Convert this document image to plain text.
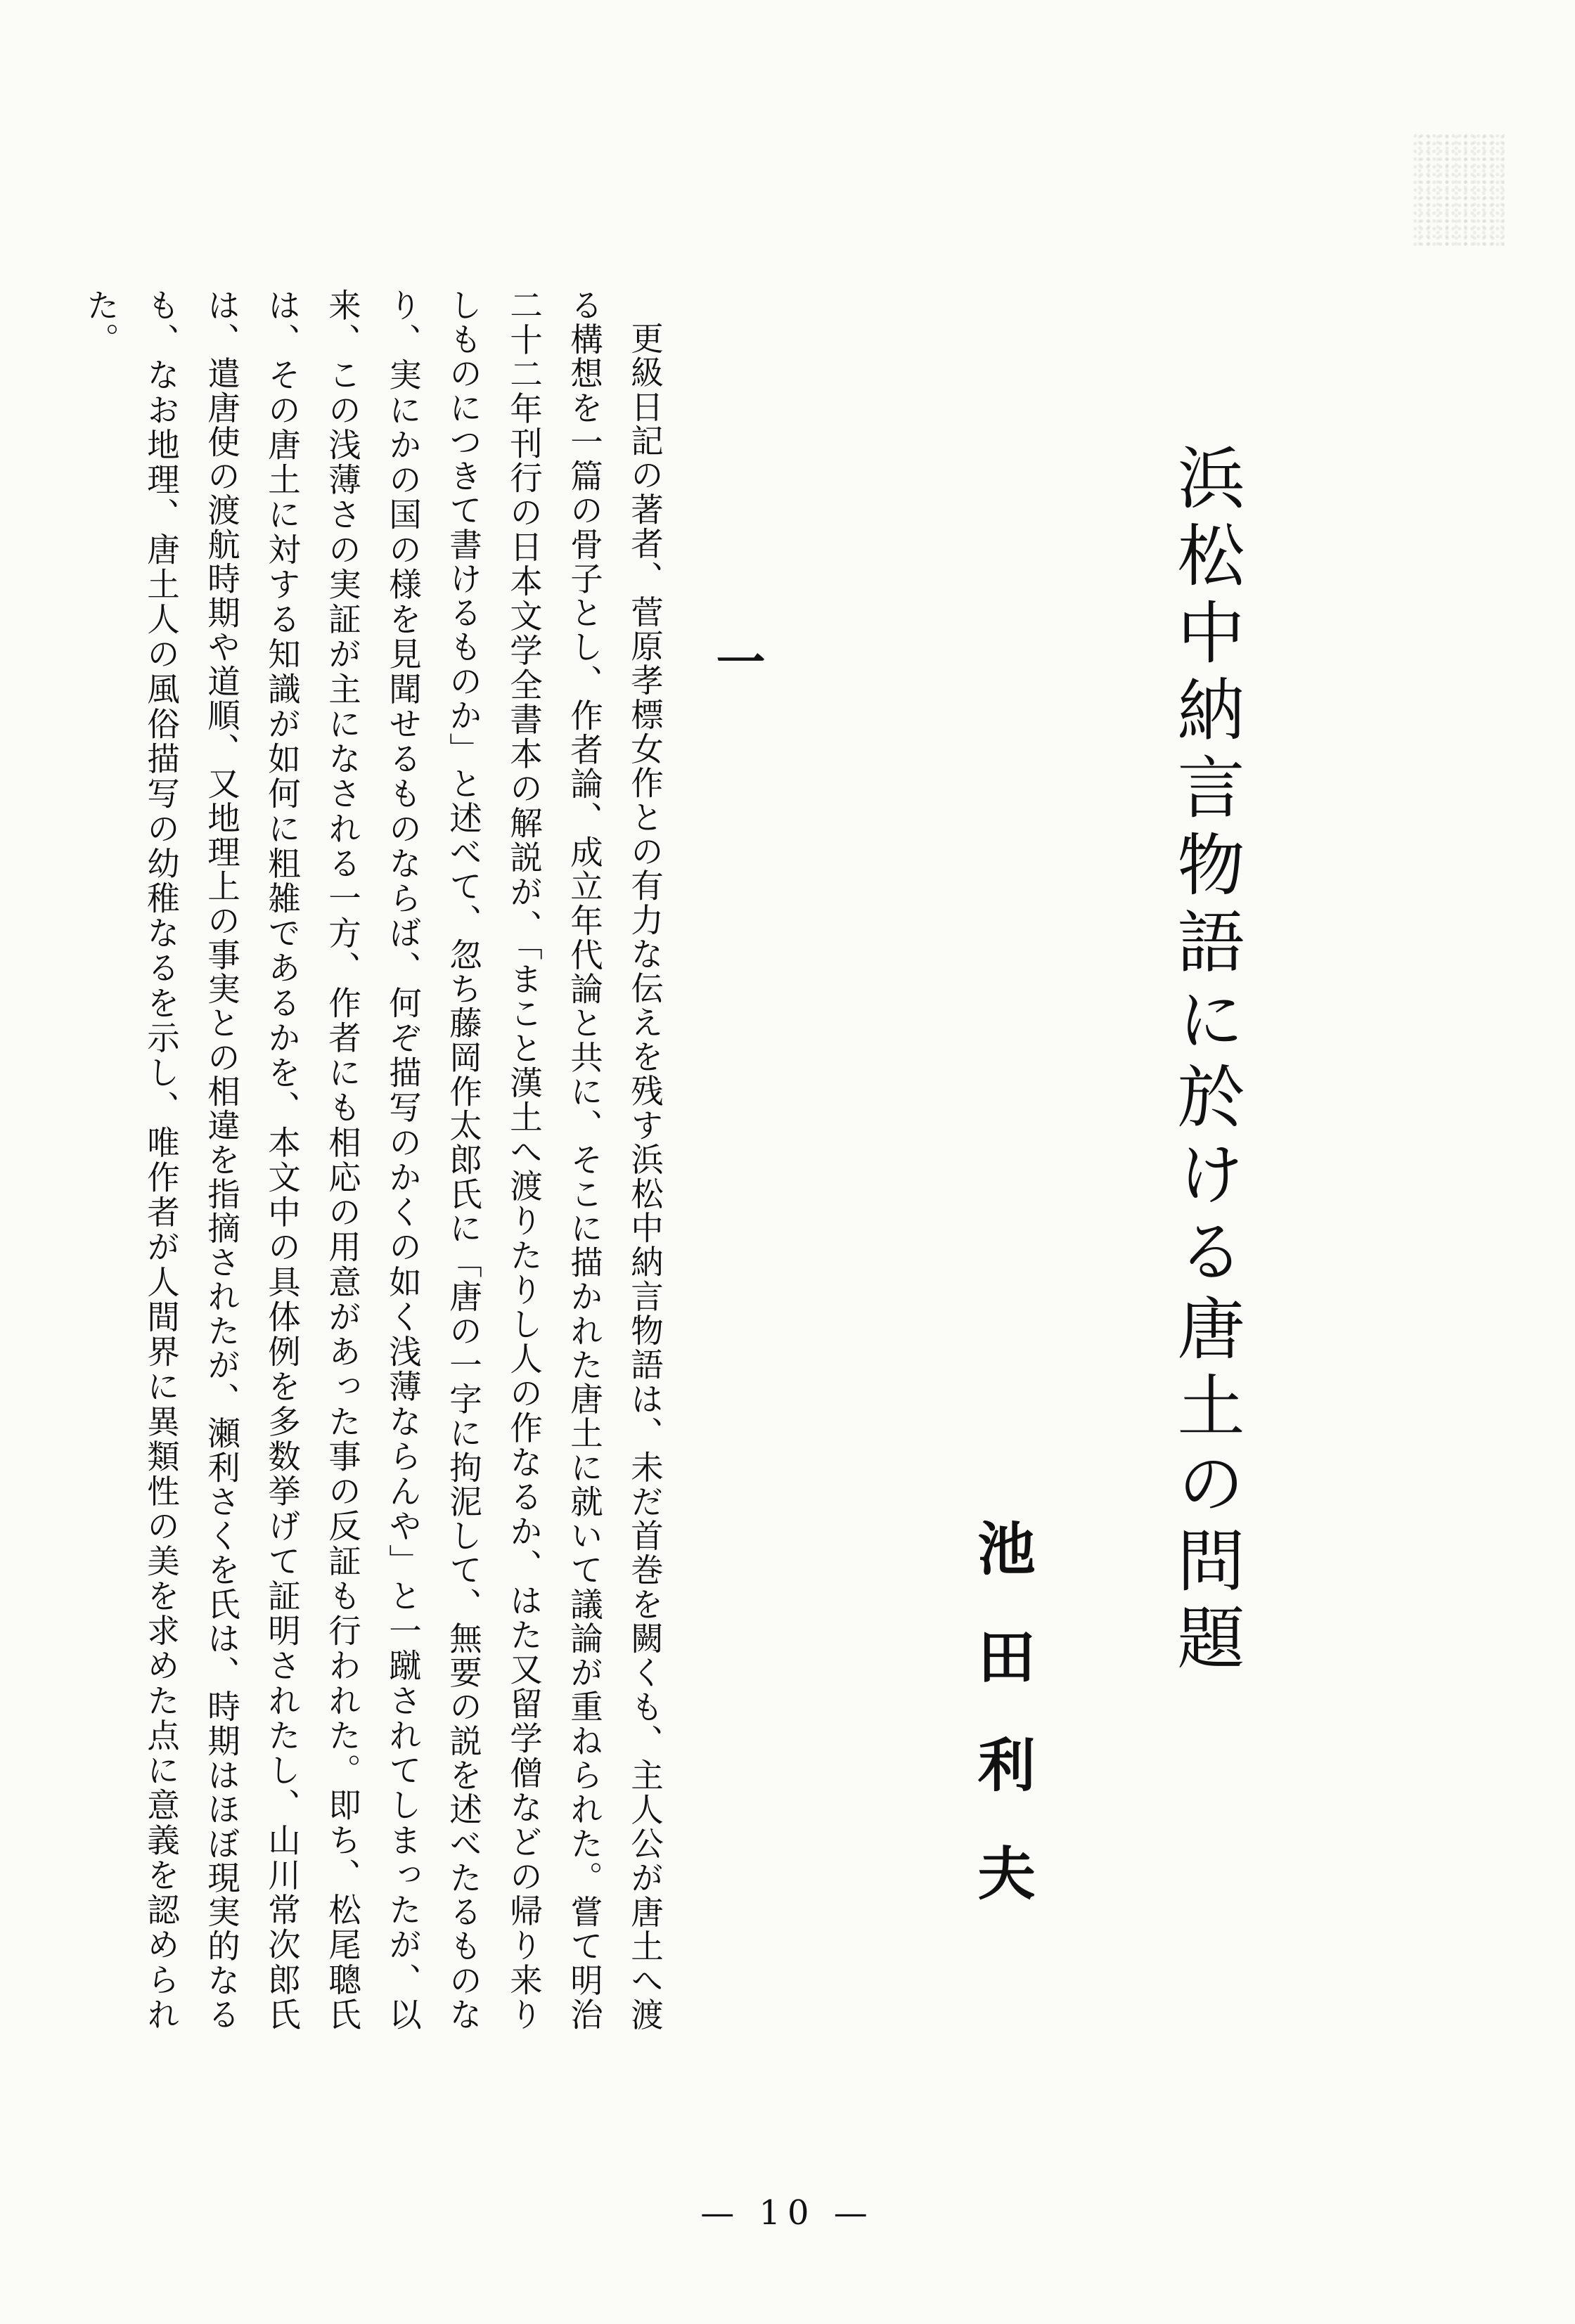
浜松中納言物語に於ける唐土の問題
池田利夫
一

更級日記の著者、菅原孝標女作との有力な伝えを残す浜松中納言物語は、未だ首巻を闕くも、主人公が唐土へ渡る構想を一篇の骨子とし、作者論、成立年代論と共に、そこに描かれた唐土に就いて議論が重ねられた。嘗て明治二十二年刊行の日本文学全書本の解説が、「まこと漢土へ渡りたりし人の作なるか、はた又留学僧などの帰り来りしものにつきて書けるものか」と述べて、忽ち藤岡作太郎氏に「唐の一字に拘泥して、無要の説を述べたるものなり、実にかの国の様を見聞せるものならば、何ぞ描写のかくの如く浅薄ならんや」と一蹴されてしまったが、以来、この浅薄さの実証が主になされる一方、作者にも相応の用意があった事の反証も行われた。即ち、松尾聰氏は、その唐土に対する知識が如何に粗雑であるかを、本文中の具体例を多数挙げて証明されたし、山川常次郎氏は、遣唐使の渡航時期や道順、又地理上の事実との相違を指摘されたが、瀬利さくを氏は、時期はほぼ現実的なるも、なお地理、唐土人の風俗描写の幼稚なるを示し、唯作者が人間界に異類性の美を求めた点に意義を認められた。

— 10 —
